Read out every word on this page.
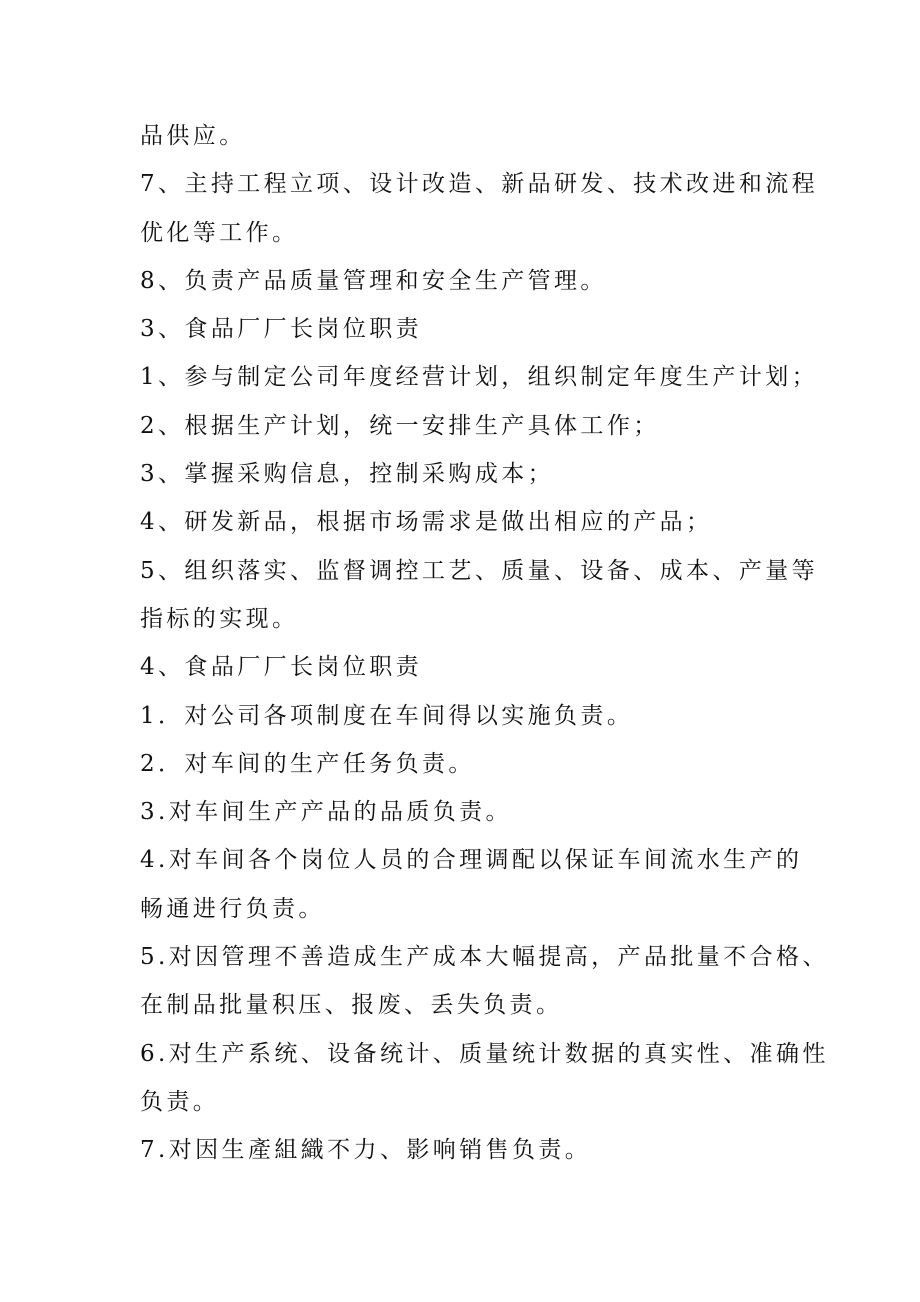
品供应。
7、主持工程立项、设计改造、新品研发、技术改进和流程
优化等工作。
8、负责产品质量管理和安全生产管理。
3、食品厂厂长岗位职责
1、参与制定公司年度经营计划，组织制定年度生产计划；
2、根据生产计划，统一安排生产具体工作；
3、掌握采购信息，控制采购成本；
4、研发新品，根据市场需求是做出相应的产品；
5、组织落实、监督调控工艺、质量、设备、成本、产量等
指标的实现。
4、食品厂厂长岗位职责
1．对公司各项制度在车间得以实施负责。
2．对车间的生产任务负责。
3.对车间生产产品的品质负责。
4.对车间各个岗位人员的合理调配以保证车间流水生产的
畅通进行负责。
5.对因管理不善造成生产成本大幅提高，产品批量不合格、
在制品批量积压、报废、丢失负责。
6.对生产系统、设备统计、质量统计数据的真实性、准确性
负责。
7.对因生產組織不力、影响销售负责。
